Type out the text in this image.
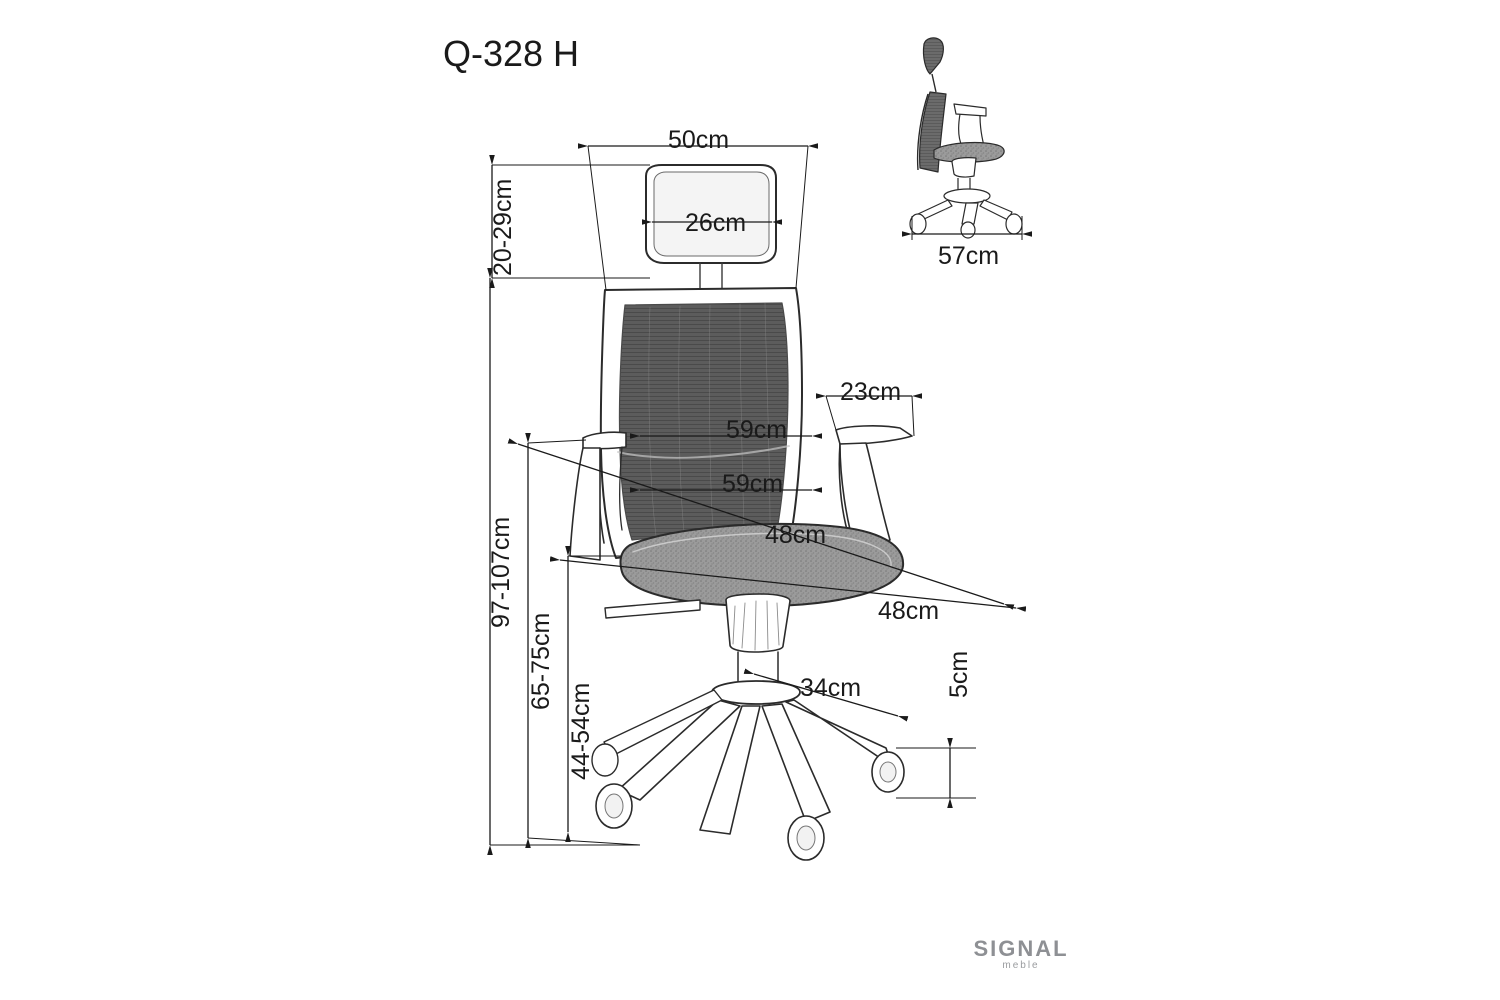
Q-328 H
50cm
26cm
20-29cm
59cm
59cm
23cm
48cm
48cm
97-107cm
65-75cm
44-54cm	34cm	5cm
57cm
SIGNAL
meble
